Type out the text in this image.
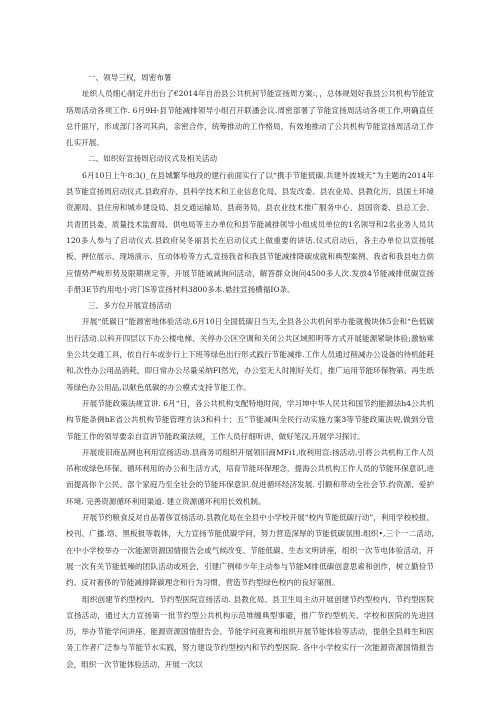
一、领导三权，周密布署

址织人员细心制定并出台了€2014年自治县公共机何节能宣扬周方案:，，总体规划好我县公共机构节能宣珞周活动各项工作. 6月9H-县节能减排领导小组召开联潘会议.周密部署了节能宣扬周活动各项工作,明确直任总仟匪厅，形成部门各司其尚，亲密合作，统筹推动的工作格局，有效地推动了公共机构节能宣扬周活动工作扎实开展。

二、如织好宣扬周启动仪式及相关活动

6月10日上午8:3()_在县城繁华地段的建行前面实行了以“携手节能低碳.共建外波城天”为主题的2014年县节能宣扬周启动仪式.县政府办、县科学技术和工业信息化局、县发改委、县农业局、县教化历、县国土环境资源局、县住房和城乡建设局、县交通运输局、县商务局，县农业技术推广服务中心、县国资委、县总工会、共青团县委、质量技术监督局、供电局等主办单位和县节能减排领导小组成员单位的1名领导和2名业务人员共120多人参与了启动仪式.县政府吴冬丽县长在启动仪式上做重要的讲话.仪式启动后，各主办单位以宣扬展板、押位展示、现场演示、互动体验等方式,宣扬我省和我县节能减排降碳成就和典型案例、我省和我县电力供应情势严峻形势及限期规定等，开展节能诫减询问活动，解答群众询问4500多人次.发放4节能减排低碳宣扬手册3E节约用电小窍门S等宣扬材料3800多本.悬挂宣扬横福IO条。

三、多方位开展宣扬活动

开展“低碳日”能源密地体验活动,6月10日全国低碳日当天,全县各公共机何举办能就极块体5会和“色低碳出行活动.以科开四层以下办公楼电梯、关停办公区空调和关闭公共区域照明等方式开展能源紧缺体验;激恼乘坐公共交通工具，依自行车或步行上下班等绿色出行形式践行节能减排.工作人员通过削减办公设备的待机能耗和,次性办公用品消耗，即日常办公尽量采纳FI然光，办公室无人时刚好关灯，推广运用节能环保物第、再生纸等绿色办公用品,以献色低碳的办公模式支持节能工作。

开展节能政策法规宣讲. 6月“日，各公共机构支配特地时间，学习坤中华人民共和国节约能源法h4公共机构节能条例hE省公共机构节能管理方法3和科十；五”节能减叫全民行动实施方案3等节能政策法规,做到分管节能工作的领导要亲自宣讲节能政策法规，工作人员仔细听讲，做好笔汉,开展学习探讨。

开展废旧商品网也利用宣扬活动.县商务司组织开展领旧商MFi1,收利用宣:扬活动,引将公共机构工作人员吊称成绿色环保、循环利用的办公和生活方式，培育节能环保理念，提海公共机构工作人员的节能环保意识,进而提高你个公民、部个家庭乃至全社会的节能环保意识.促进循环经济发展. 引额和带动全社会节.约资源、爱护环境. 完善资源循环利用渠道. 建立资源循环利用长效机制。

开展节约粮食反对自品著侈宣扬活动.县教化局在全县中小学校开展“校内节能低碳行动”，利用学校校报、校刊、广播.络、黑板报等载体，大力宣扬节能低碳学问，努力营造深厚的节能低碳氛围.组织•,三个一二活动,在中小学校举办一次能源资源国情报告会或气候改变、节能低碳、生态文明讲座，组织一次节电体验活动，开展一次有关节能低噪的团队活动或班会，引建广例师少年主动参与节能M排低碳创意思索和创作，树立勤俭节约、反对奢侈的节能减排降碳理念和行为习惯，营造节约型绿色校内的良好第围。

组织创建节约型校内、节约型医院宣扬活动. 县教化局、县卫生局主动开展创建节约型校内、节约型医院宣扬活动，通过大力宣扬第一批节约型公共机构示范堆缠典型事避，推广节约型机关、学校和医院的先进回历，举办节能学问讲座、能源资源国情报告会、节能学问竞赛和组织开展节能体验等活动，提倡全县师生和医务工作者广泛参与节能节水实践，努力建设节约型校内和节约型医院. 各中小学校实行一次能源资源国情报告会，组织一次节能体验活动、开展一次以
